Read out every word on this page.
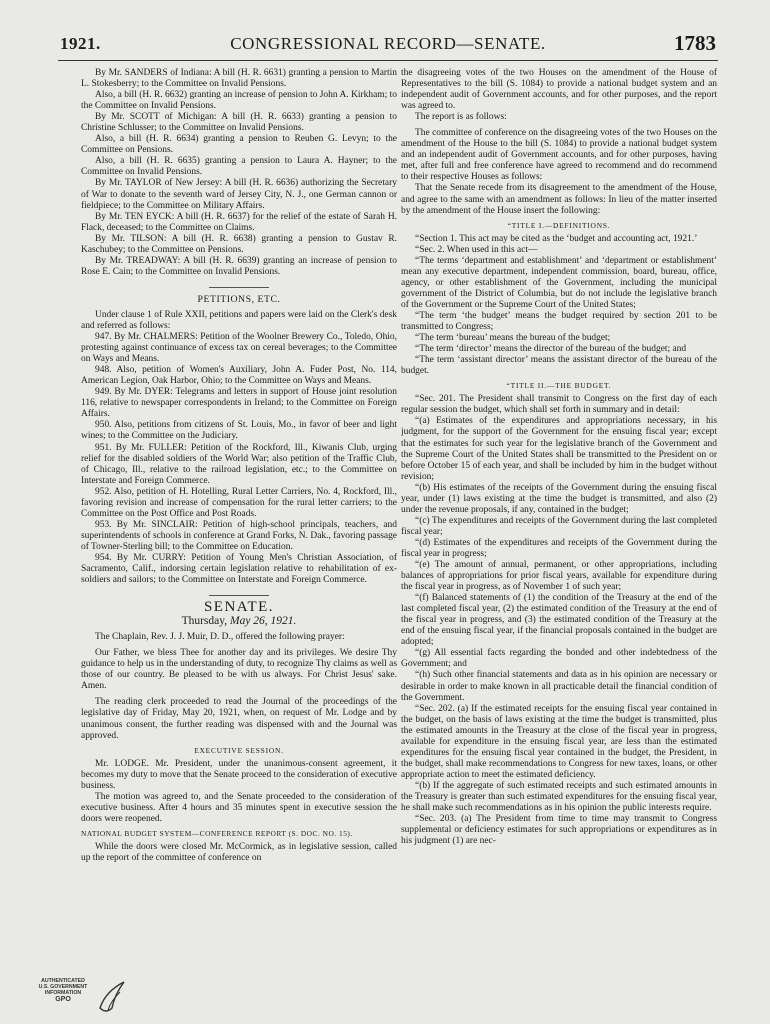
1921.	CONGRESSIONAL RECORD—SENATE.	1783

By Mr. SANDERS of Indiana: A bill (H. R. 6631) granting a pension to Martin L. Stokesberry; to the Committee on Invalid Pensions.

Also, a bill (H. R. 6632) granting an increase of pension to John A. Kirkham; to the Committee on Invalid Pensions.

By Mr. SCOTT of Michigan: A bill (H. R. 6633) granting a pension to Christine Schlusser; to the Committee on Invalid Pensions.

Also, a bill (H. R. 6634) granting a pension to Reuben G. Levyn; to the Committee on Pensions.

Also, a bill (H. R. 6635) granting a pension to Laura A. Hayner; to the Committee on Invalid Pensions.

By Mr. TAYLOR of New Jersey: A bill (H. R. 6636) authorizing the Secretary of War to donate to the seventh ward of Jersey City, N. J., one German cannon or fieldpiece; to the Committee on Military Affairs.

By Mr. TEN EYCK: A bill (H. R. 6637) for the relief of the estate of Sarah H. Flack, deceased; to the Committee on Claims.

By Mr. TILSON: A bill (H. R. 6638) granting a pension to Gustav R. Kaschubey; to the Committee on Pensions.

By Mr. TREADWAY: A bill (H. R. 6639) granting an increase of pension to Rose E. Cain; to the Committee on Invalid Pensions.

PETITIONS, ETC.

Under clause 1 of Rule XXII, petitions and papers were laid on the Clerk's desk and referred as follows:

947. By Mr. CHALMERS: Petition of the Woolner Brewery Co., Toledo, Ohio, protesting against continuance of excess tax on cereal beverages; to the Committee on Ways and Means.

948. Also, petition of Women's Auxiliary, John A. Fuder Post, No. 114, American Legion, Oak Harbor, Ohio; to the Committee on Ways and Means.

949. By Mr. DYER: Telegrams and letters in support of House joint resolution 116, relative to newspaper correspondents in Ireland; to the Committee on Foreign Affairs.

950. Also, petitions from citizens of St. Louis, Mo., in favor of beer and light wines; to the Committee on the Judiciary.

951. By Mr. FULLER: Petition of the Rockford, Ill., Kiwanis Club, urging relief for the disabled soldiers of the World War; also petition of the Traffic Club, of Chicago, Ill., relative to the railroad legislation, etc.; to the Committee on Interstate and Foreign Commerce.

952. Also, petition of H. Hotelling, Rural Letter Carriers, No. 4, Rockford, Ill., favoring revision and increase of compensation for the rural letter carriers; to the Committee on the Post Office and Post Roads.

953. By Mr. SINCLAIR: Petition of high-school principals, teachers, and superintendents of schools in conference at Grand Forks, N. Dak., favoring passage of Towner-Sterling bill; to the Committee on Education.

954. By Mr. CURRY: Petition of Young Men's Christian Association, of Sacramento, Calif., indorsing certain legislation relative to rehabilitation of ex-soldiers and sailors; to the Committee on Interstate and Foreign Commerce.

SENATE.
Thursday, May 26, 1921.

The Chaplain, Rev. J. J. Muir, D. D., offered the following prayer:

Our Father, we bless Thee for another day and its privileges. We desire Thy guidance to help us in the understanding of duty, to recognize Thy claims as well as those of our country. Be pleased to be with us always. For Christ Jesus' sake. Amen.

The reading clerk proceeded to read the Journal of the proceedings of the legislative day of Friday, May 20, 1921, when, on request of Mr. Lodge and by unanimous consent, the further reading was dispensed with and the Journal was approved.

EXECUTIVE SESSION.

Mr. LODGE. Mr. President, under the unanimous-consent agreement, it becomes my duty to move that the Senate proceed to the consideration of executive business.

The motion was agreed to, and the Senate proceeded to the consideration of executive business. After 4 hours and 35 minutes spent in executive session the doors were reopened.

NATIONAL BUDGET SYSTEM—CONFERENCE REPORT (S. DOC. NO. 15).

While the doors were closed Mr. McCormick, as in legislative session, called up the report of the committee of conference on

the disagreeing votes of the two Houses on the amendment of the House of Representatives to the bill (S. 1084) to provide a national budget system and an independent audit of Government accounts, and for other purposes, and the report was agreed to.

The report is as follows:

The committee of conference on the disagreeing votes of the two Houses on the amendment of the House to the bill (S. 1084) to provide a national budget system and an independent audit of Government accounts, and for other purposes, having met, after full and free conference have agreed to recommend and do recommend to their respective Houses as follows:

That the Senate recede from its disagreement to the amendment of the House, and agree to the same with an amendment as follows: In lieu of the matter inserted by the amendment of the House insert the following:

“TITLE I.—DEFINITIONS.

“Section 1. This act may be cited as the ‘budget and accounting act, 1921.’

“Sec. 2. When used in this act—

“The terms ‘department and establishment’ and ‘department or establishment’ mean any executive department, independent commission, board, bureau, office, agency, or other establishment of the Government, including the municipal government of the District of Columbia, but do not include the legislative branch of the Government or the Supreme Court of the United States;

“The term ‘the budget’ means the budget required by section 201 to be transmitted to Congress;

“The term ‘bureau’ means the bureau of the budget;

“The term ‘director’ means the director of the bureau of the budget; and

“The term ‘assistant director’ means the assistant director of the bureau of the budget.

“TITLE II.—THE BUDGET.

“Sec. 201. The President shall transmit to Congress on the first day of each regular session the budget, which shall set forth in summary and in detail:

“(a) Estimates of the expenditures and appropriations necessary, in his judgment, for the support of the Government for the ensuing fiscal year; except that the estimates for such year for the legislative branch of the Government and the Supreme Court of the United States shall be transmitted to the President on or before October 15 of each year, and shall be included by him in the budget without revision;

“(b) His estimates of the receipts of the Government during the ensuing fiscal year, under (1) laws existing at the time the budget is transmitted, and also (2) under the revenue proposals, if any, contained in the budget;

“(c) The expenditures and receipts of the Government during the last completed fiscal year;

“(d) Estimates of the expenditures and receipts of the Government during the fiscal year in progress;

“(e) The amount of annual, permanent, or other appropriations, including balances of appropriations for prior fiscal years, available for expenditure during the fiscal year in progress, as of November 1 of such year;

“(f) Balanced statements of (1) the condition of the Treasury at the end of the last completed fiscal year, (2) the estimated condition of the Treasury at the end of the fiscal year in progress, and (3) the estimated condition of the Treasury at the end of the ensuing fiscal year, if the financial proposals contained in the budget are adopted;

“(g) All essential facts regarding the bonded and other indebtedness of the Government; and

“(h) Such other financial statements and data as in his opinion are necessary or desirable in order to make known in all practicable detail the financial condition of the Government.

“Sec. 202. (a) If the estimated receipts for the ensuing fiscal year contained in the budget, on the basis of laws existing at the time the budget is transmitted, plus the estimated amounts in the Treasury at the close of the fiscal year in progress, available for expenditure in the ensuing fiscal year, are less than the estimated expenditures for the ensuing fiscal year contained in the budget, the President, in the budget, shall make recommendations to Congress for new taxes, loans, or other appropriate action to meet the estimated deficiency.

“(b) If the aggregate of such estimated receipts and such estimated amounts in the Treasury is greater than such estimated expenditures for the ensuing fiscal year, he shall make such recommendations as in his opinion the public interests require.

“Sec. 203. (a) The President from time to time may transmit to Congress supplemental or deficiency estimates for such appropriations or expenditures as in his judgment (1) are nec-

AUTHENTICATED
U.S. GOVERNMENT
INFORMATION
GPO
